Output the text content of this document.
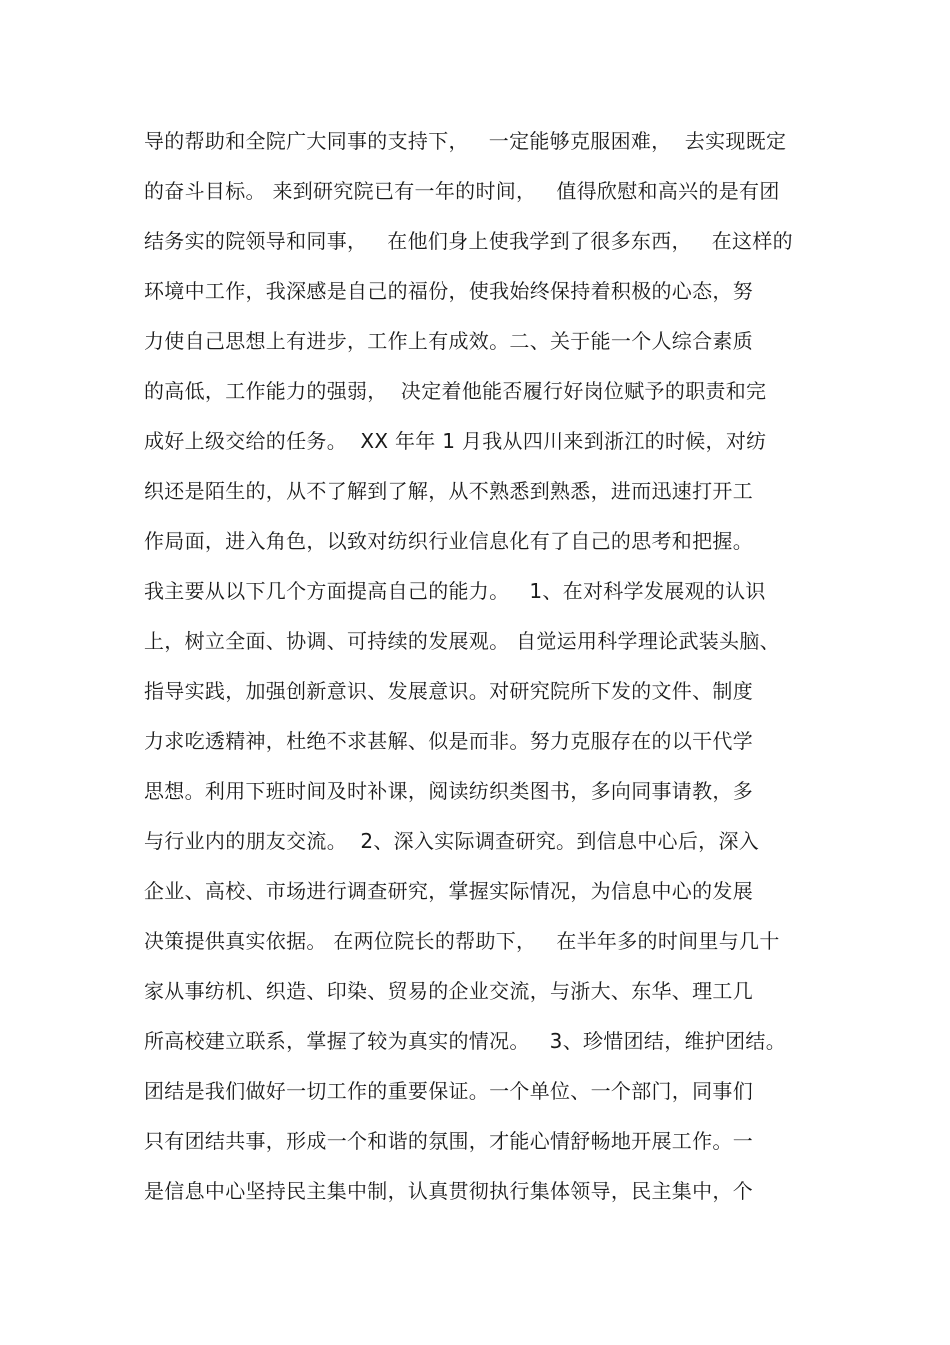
导的帮助和全院广大同事的支持下，   一定能够克服困难，  去实现既定
的奋斗目标。 来到研究院已有一年的时间，   值得欣慰和高兴的是有团
结务实的院领导和同事，   在他们身上使我学到了很多东西，   在这样的
环境中工作，我深感是自己的福份，使我始终保持着积极的心态，努
力使自己思想上有进步，工作上有成效。二、关于能一个人综合素质
的高低，工作能力的强弱，  决定着他能否履行好岗位赋予的职责和完
成好上级交给的任务。  XX 年年 1 月我从四川来到浙江的时候，对纺
织还是陌生的，从不了解到了解，从不熟悉到熟悉，进而迅速打开工
作局面，进入角色，以致对纺织行业信息化有了自己的思考和把握。
我主要从以下几个方面提高自己的能力。   1、在对科学发展观的认识
上，树立全面、协调、可持续的发展观。 自觉运用科学理论武装头脑、
指导实践，加强创新意识、发展意识。对研究院所下发的文件、制度
力求吃透精神，杜绝不求甚解、似是而非。努力克服存在的以干代学
思想。利用下班时间及时补课，阅读纺织类图书，多向同事请教，多
与行业内的朋友交流。  2、深入实际调查研究。到信息中心后，深入
企业、高校、市场进行调查研究，掌握实际情况，为信息中心的发展
决策提供真实依据。 在两位院长的帮助下，   在半年多的时间里与几十
家从事纺机、织造、印染、贸易的企业交流，与浙大、东华、理工几
所高校建立联系，掌握了较为真实的情况。   3、珍惜团结，维护团结。
团结是我们做好一切工作的重要保证。一个单位、一个部门，同事们
只有团结共事，形成一个和谐的氛围，才能心情舒畅地开展工作。一
是信息中心坚持民主集中制，认真贯彻执行集体领导，民主集中，个
